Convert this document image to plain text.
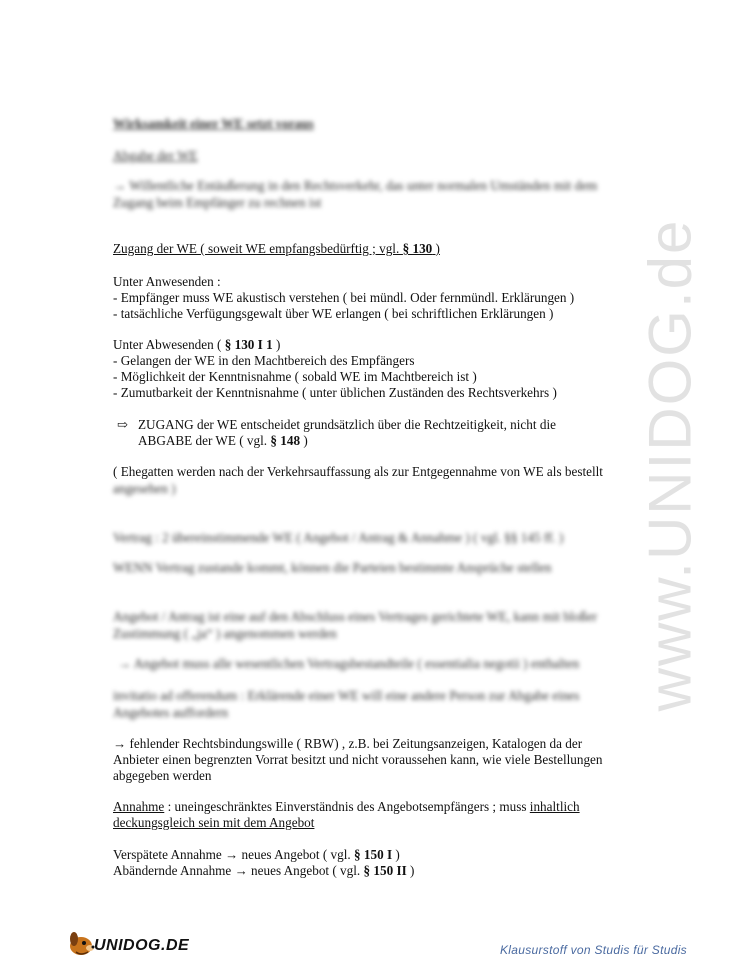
www.UNIDOG.de
Wirksamkeit einer WE setzt voraus
Abgabe der WE
→ Willentliche Entäußerung in den Rechtsverkehr, das unter normalen Umständen mit dem
Zugang beim Empfänger zu rechnen ist
Zugang der WE ( soweit WE empfangsbedürftig ; vgl. § 130 )
Unter Anwesenden :
- Empfänger muss WE akustisch verstehen ( bei mündl. Oder fernmündl. Erklärungen )
- tatsächliche Verfügungsgewalt über WE erlangen ( bei schriftlichen Erklärungen )
Unter Abwesenden ( § 130 I 1 )
- Gelangen der WE in den Machtbereich des Empfängers
- Möglichkeit der Kenntnisnahme ( sobald WE im Machtbereich ist )
- Zumutbarkeit der Kenntnisnahme ( unter üblichen Zuständen des Rechtsverkehrs )
⇨ ZUGANG der WE entscheidet grundsätzlich über die Rechtzeitigkeit, nicht die
ABGABE der WE ( vgl. § 148 )
( Ehegatten werden nach der Verkehrsauffassung als zur Entgegennahme von WE als bestellt
angesehen )
Vertrag : 2 übereinstimmende WE ( Angebot / Antrag & Annahme ) ( vgl. §§ 145 ff. )
WENN Vertrag zustande kommt, können die Parteien bestimmte Ansprüche stellen
Angebot / Antrag ist eine auf den Abschluss eines Vertrages gerichtete WE, kann mit bloßer
Zustimmung ( „ja“ ) angenommen werden
→ Angebot muss alle wesentlichen Vertragsbestandteile ( essentialia negotii ) enthalten
invitatio ad offerendum : Erklärende einer WE will eine andere Person zur Abgabe eines
Angebotes auffordern
→ fehlender Rechtsbindungswille ( RBW) , z.B. bei Zeitungsanzeigen, Katalogen da der
Anbieter einen begrenzten Vorrat besitzt und nicht voraussehen kann, wie viele Bestellungen
abgegeben werden
Annahme : uneingeschränktes Einverständnis des Angebotsempfängers ; muss inhaltlich
deckungsgleich sein mit dem Angebot
Verspätete Annahme → neues Angebot ( vgl. § 150 I )
Abändernde Annahme → neues Angebot ( vgl. § 150 II )
UNIDOG.DE	Klausurstoff von Studis für Studis
